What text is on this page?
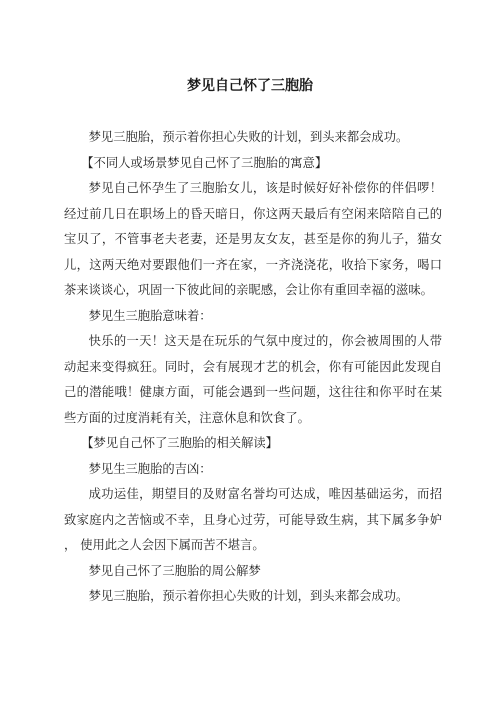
梦见自己怀了三胞胎

梦见三胞胎，预示着你担心失败的计划，到头来都会成功。

【不同人或场景梦见自己怀了三胞胎的寓意】

梦见自己怀孕生了三胞胎女儿，该是时候好好补偿你的伴侣啰！经过前几日在职场上的昏天暗日，你这两天最后有空闲来陪陪自己的宝贝了，不管事老夫老妻，还是男友女友，甚至是你的狗儿子，猫女儿，这两天绝对要跟他们一齐在家，一齐浇浇花，收拾下家务，喝口茶来谈谈心，巩固一下彼此间的亲昵感，会让你有重回幸福的滋味。

梦见生三胞胎意味着：

快乐的一天！这天是在玩乐的气氛中度过的，你会被周围的人带动起来变得疯狂。同时，会有展现才艺的机会，你有可能因此发现自己的潜能哦！健康方面，可能会遇到一些问题，这往往和你平时在某些方面的过度消耗有关，注意休息和饮食了。

【梦见自己怀了三胞胎的相关解读】

梦见生三胞胎的吉凶：

成功运佳，期望目的及财富名誉均可达成，唯因基础运劣，而招致家庭内之苦恼或不幸，且身心过劳，可能导致生病，其下属多争妒 ， 使用此之人会因下属而苦不堪言。

梦见自己怀了三胞胎的周公解梦

梦见三胞胎，预示着你担心失败的计划，到头来都会成功。
